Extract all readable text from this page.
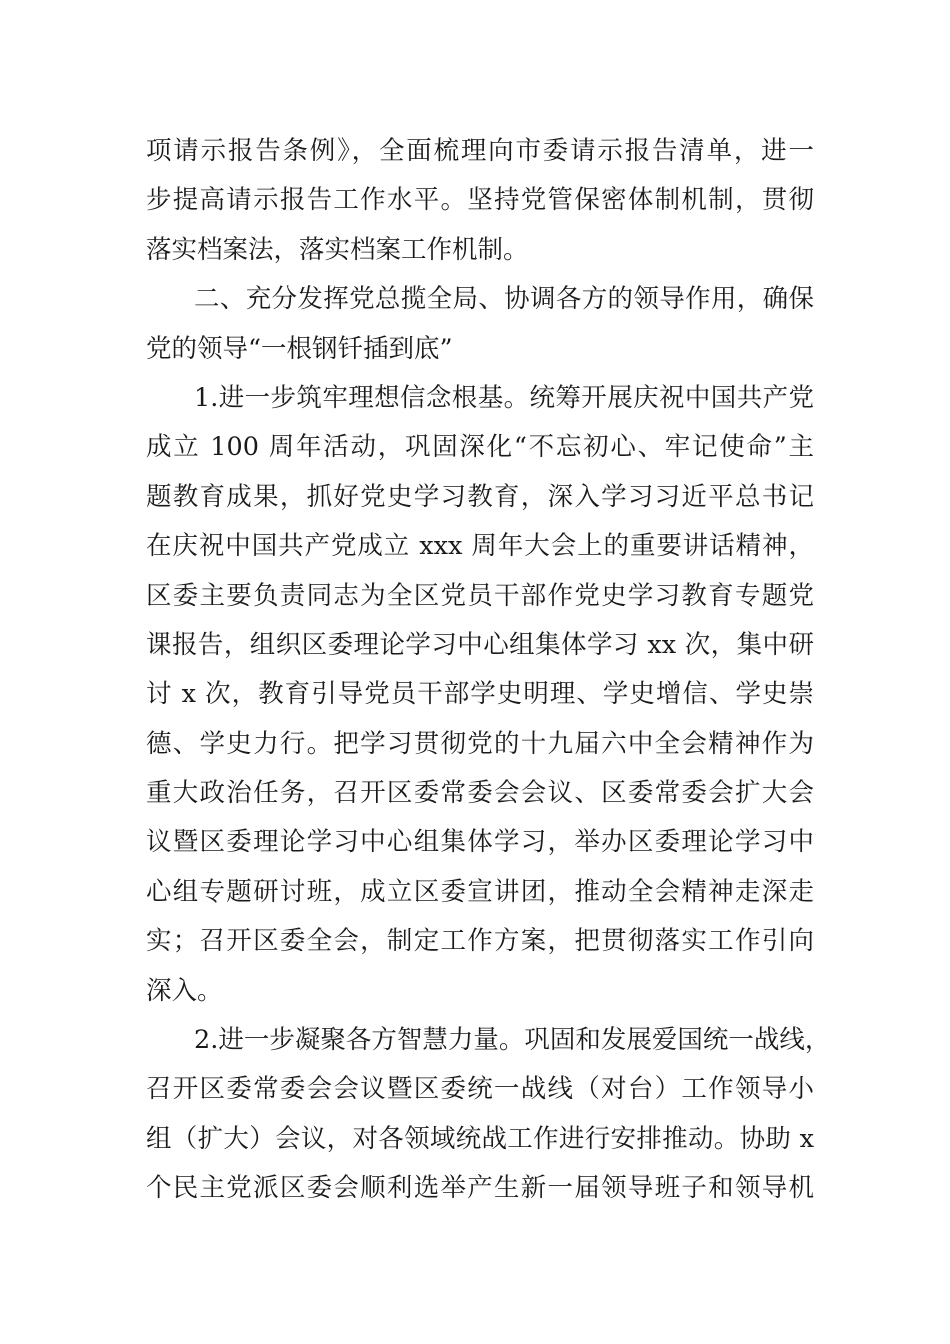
项请示报告条例》，全面梳理向市委请示报告清单，进一
步提高请示报告工作水平。坚持党管保密体制机制，贯彻
落实档案法，落实档案工作机制。
二、充分发挥党总揽全局、协调各方的领导作用，确保
党的领导“一根钢钎插到底”
1.进一步筑牢理想信念根基。统筹开展庆祝中国共产党
成立 100 周年活动，巩固深化“不忘初心、牢记使命”主
题教育成果，抓好党史学习教育，深入学习习近平总书记
在庆祝中国共产党成立 xxx 周年大会上的重要讲话精神，
区委主要负责同志为全区党员干部作党史学习教育专题党
课报告，组织区委理论学习中心组集体学习 xx 次，集中研
讨 x 次，教育引导党员干部学史明理、学史增信、学史崇
德、学史力行。把学习贯彻党的十九届六中全会精神作为
重大政治任务，召开区委常委会会议、区委常委会扩大会
议暨区委理论学习中心组集体学习，举办区委理论学习中
心组专题研讨班，成立区委宣讲团，推动全会精神走深走
实；召开区委全会，制定工作方案，把贯彻落实工作引向
深入。
2.进一步凝聚各方智慧力量。巩固和发展爱国统一战线，
召开区委常委会会议暨区委统一战线（对台）工作领导小
组（扩大）会议，对各领域统战工作进行安排推动。协助 x
个民主党派区委会顺利选举产生新一届领导班子和领导机
